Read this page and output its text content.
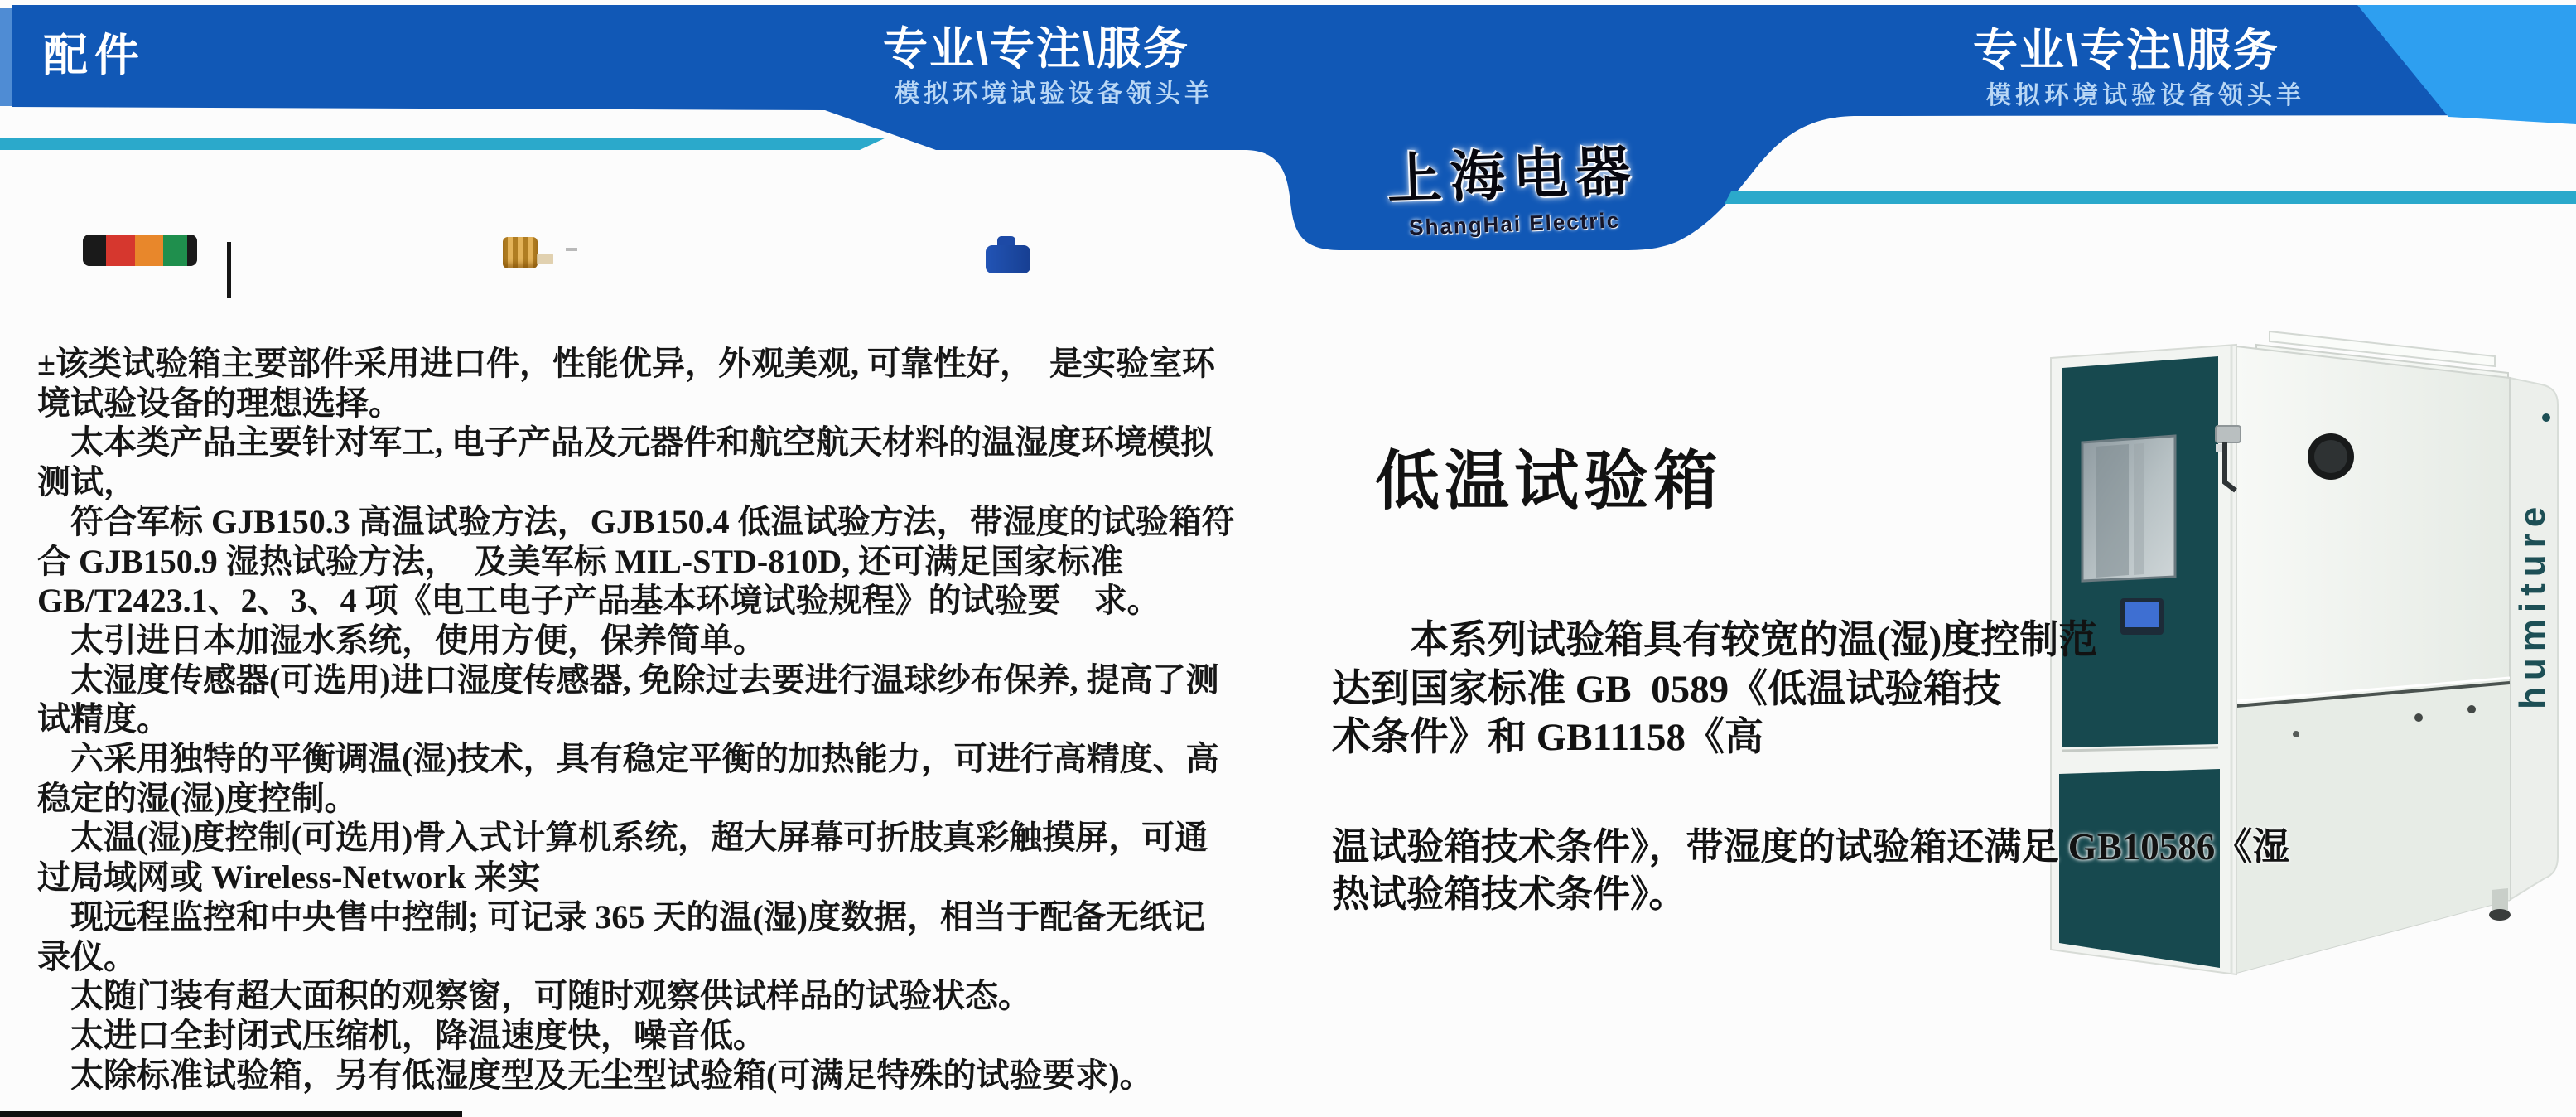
配件	专业\专注\服务
模拟环境试验设备领头羊
专业\专注\服务
模拟环境试验设备领头羊
上海电器
ShangHai Electric
±该类试验箱主要部件采用进口件，性能优异，外观美观, 可靠性好，　是实验室环
境试验设备的理想选择。
　太本类产品主要针对军工, 电子产品及元器件和航空航天材料的温湿度环境模拟
测试，
　符合军标 GJB150.3 高温试验方法，GJB150.4 低温试验方法，带湿度的试验箱符
合 GJB150.9 湿热试验方法，　及美军标 MIL-STD-810D, 还可满足国家标准
GB/T2423.1、2、3、4 项《电工电子产品基本环境试验规程》的试验要　求。
　太引进日本加湿水系统，使用方便，保养简单。
　太湿度传感器(可选用)进口湿度传感器, 免除过去要进行温球纱布保养, 提高了测
试精度。
　六采用独特的平衡调温(湿)技术，具有稳定平衡的加热能力，可进行高精度、高
稳定的湿(湿)度控制。
　太温(湿)度控制(可选用)骨入式计算机系统，超大屏幕可折肢真彩触摸屏，可通
过局域网或 Wireless-Network 来实
　现远程监控和中央售中控制; 可记录 365 天的温(湿)度数据，相当于配备无纸记
录仪。
　太随门装有超大面积的观察窗，可随时观察供试样品的试验状态。
　太进口全封闭式压缩机，降温速度快，噪音低。
　太除标准试验箱，另有低湿度型及无尘型试验箱(可满足特殊的试验要求)。
低温试验箱
　　本系列试验箱具有较宽的温(湿)度控制范
达到国家标准 GB  0589《低温试验箱技
术条件》和 GB11158《高
温试验箱技术条件》，带湿度的试验箱还满足 GB10586《湿
热试验箱技术条件》。
humiture
